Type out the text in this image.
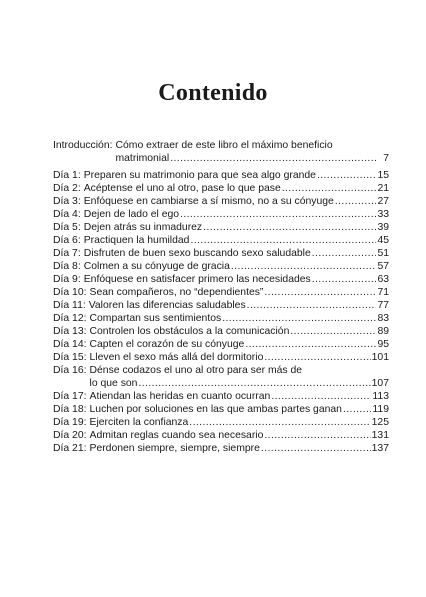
Contenido
Introducción: Cómo extraer de este libro el máximo beneficio
matrimonial .....	7
Día 1: Preparen su matrimonio para que sea algo grande .....	15
Día 2: Acéptense el uno al otro, pase lo que pase .....	21
Día 3: Enfóquese en cambiarse a sí mismo, no a su cónyuge .....	27
Día 4: Dejen de lado el ego .....	33
Día 5: Dejen atrás su inmadurez .....	39
Día 6: Practiquen la humildad .....	45
Día 7: Disfruten de buen sexo buscando sexo saludable .....	51
Día 8: Colmen a su cónyuge de gracia .....	57
Día 9: Enfóquese en satisfacer primero las necesidades .....	63
Día 10: Sean compañeros, no “dependientes” .....	71
Día 11: Valoren las diferencias saludables .....	77
Día 12: Compartan sus sentimientos .....	83
Día 13: Controlen los obstáculos a la comunicación .....	89
Día 14: Capten el corazón de su cónyuge .....	95
Día 15: Lleven el sexo más allá del dormitorio .....	101
Día 16: Dénse codazos el uno al otro para ser más de
lo que son .....	107
Día 17: Atiendan las heridas en cuanto ocurran .....	113
Día 18: Luchen por soluciones en las que ambas partes ganan .....	119
Día 19: Ejerciten la confianza .....	125
Día 20: Admitan reglas cuando sea necesario .....	131
Día 21: Perdonen siempre, siempre, siempre .....	137
